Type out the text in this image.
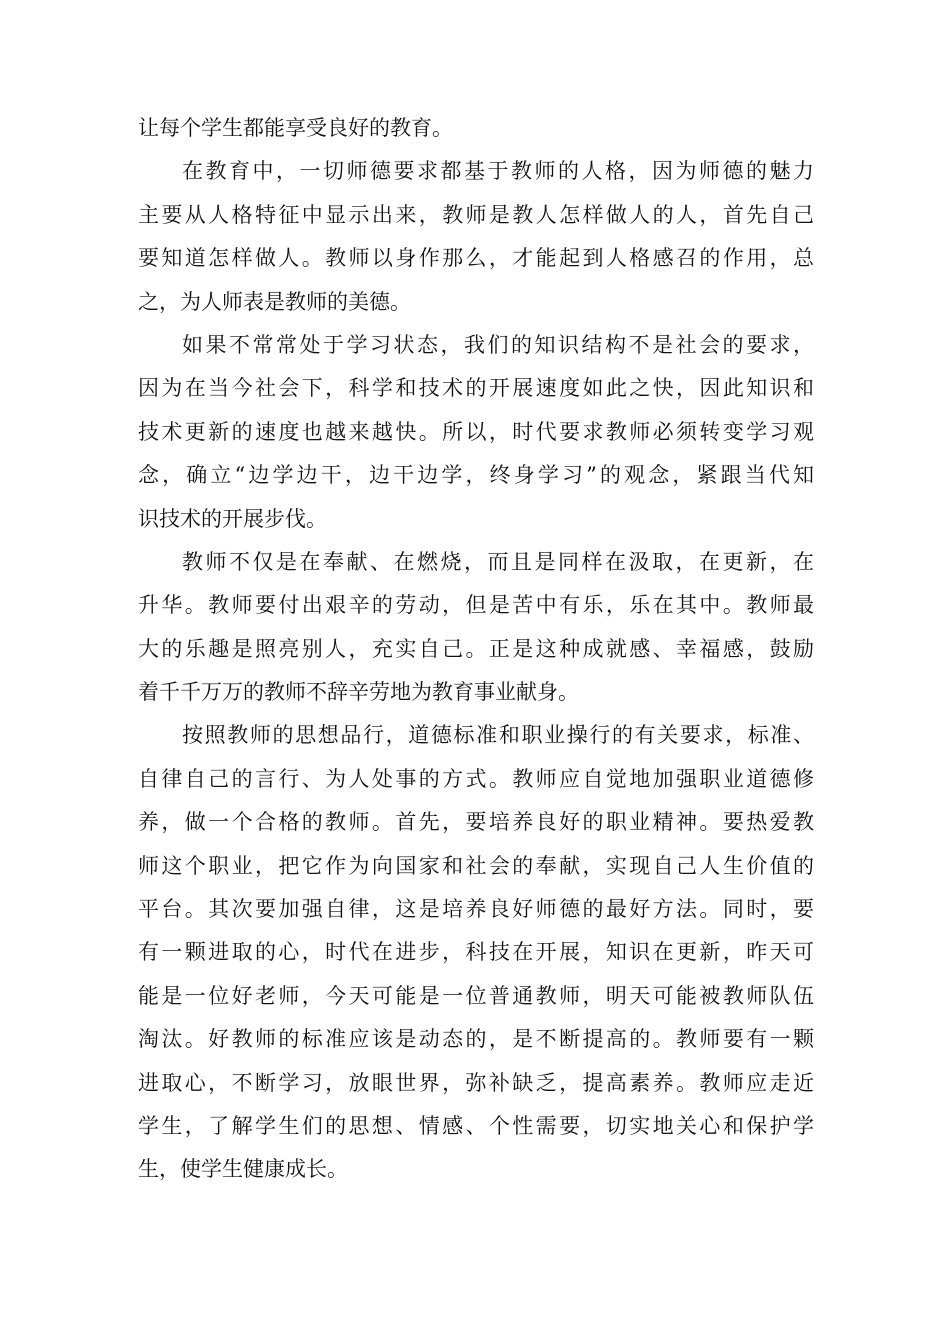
让每个学生都能享受良好的教育。
在教育中，一切师德要求都基于教师的人格，因为师德的魅力
主要从人格特征中显示出来，教师是教人怎样做人的人，首先自己
要知道怎样做人。教师以身作那么，才能起到人格感召的作用，总
之，为人师表是教师的美德。
如果不常常处于学习状态，我们的知识结构不是社会的要求，
因为在当今社会下，科学和技术的开展速度如此之快，因此知识和
技术更新的速度也越来越快。所以，时代要求教师必须转变学习观
念，确立“边学边干，边干边学，终身学习”的观念，紧跟当代知
识技术的开展步伐。
教师不仅是在奉献、在燃烧，而且是同样在汲取，在更新，在
升华。教师要付出艰辛的劳动，但是苦中有乐，乐在其中。教师最
大的乐趣是照亮别人，充实自己。正是这种成就感、幸福感，鼓励
着千千万万的教师不辞辛劳地为教育事业献身。
按照教师的思想品行，道德标准和职业操行的有关要求，标准、
自律自己的言行、为人处事的方式。教师应自觉地加强职业道德修
养，做一个合格的教师。首先，要培养良好的职业精神。要热爱教
师这个职业，把它作为向国家和社会的奉献，实现自己人生价值的
平台。其次要加强自律，这是培养良好师德的最好方法。同时，要
有一颗进取的心，时代在进步，科技在开展，知识在更新，昨天可
能是一位好老师，今天可能是一位普通教师，明天可能被教师队伍
淘汰。好教师的标准应该是动态的，是不断提高的。教师要有一颗
进取心，不断学习，放眼世界，弥补缺乏，提高素养。教师应走近
学生，了解学生们的思想、情感、个性需要，切实地关心和保护学
生，使学生健康成长。
